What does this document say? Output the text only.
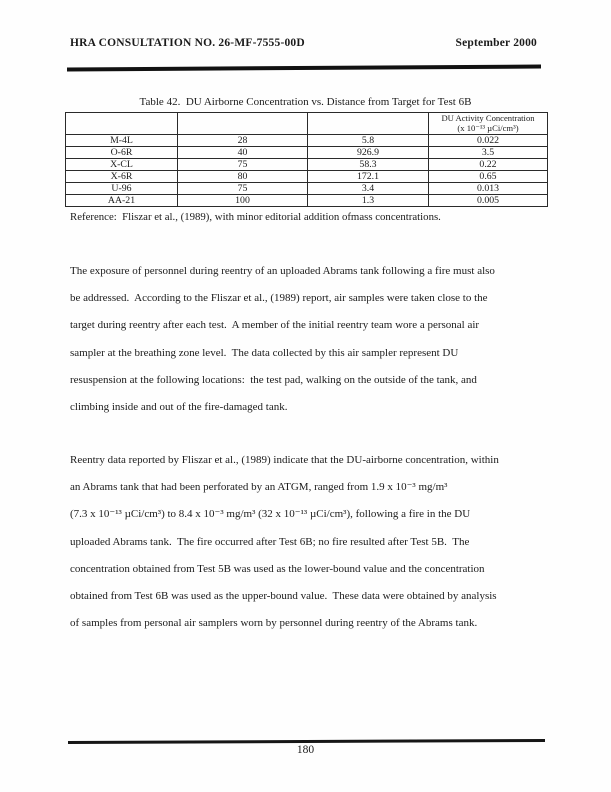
HRA CONSULTATION NO. 26-MF-7555-00D	September 2000
Table 42.  DU Airborne Concentration vs. Distance from Target for Test 6B

			DU Activity Concentration
(x 10⁻¹³ µCi/cm³)

M-4L	28	5.8	0.022
O-6R	40	926.9	3.5
X-CL	75	58.3	0.22
X-6R	80	172.1	0.65
U-96	75	3.4	0.013
AA-21	100	1.3	0.005
Reference:  Fliszar et al., (1989), with minor editorial addition ofmass concentrations.
The exposure of personnel during reentry of an uploaded Abrams tank following a fire must also
be addressed.  According to the Fliszar et al., (1989) report, air samples were taken close to the
target during reentry after each test.  A member of the initial reentry team wore a personal air
sampler at the breathing zone level.  The data collected by this air sampler represent DU
resuspension at the following locations:  the test pad, walking on the outside of the tank, and
climbing inside and out of the fire-damaged tank.
Reentry data reported by Fliszar et al., (1989) indicate that the DU-airborne concentration, within
an Abrams tank that had been perforated by an ATGM, ranged from 1.9 x 10⁻³ mg/m³
(7.3 x 10⁻¹³ µCi/cm³) to 8.4 x 10⁻³ mg/m³ (32 x 10⁻¹³ µCi/cm³), following a fire in the DU
uploaded Abrams tank.  The fire occurred after Test 6B; no fire resulted after Test 5B.  The
concentration obtained from Test 5B was used as the lower-bound value and the concentration
obtained from Test 6B was used as the upper-bound value.  These data were obtained by analysis
of samples from personal air samplers worn by personnel during reentry of the Abrams tank.
180
